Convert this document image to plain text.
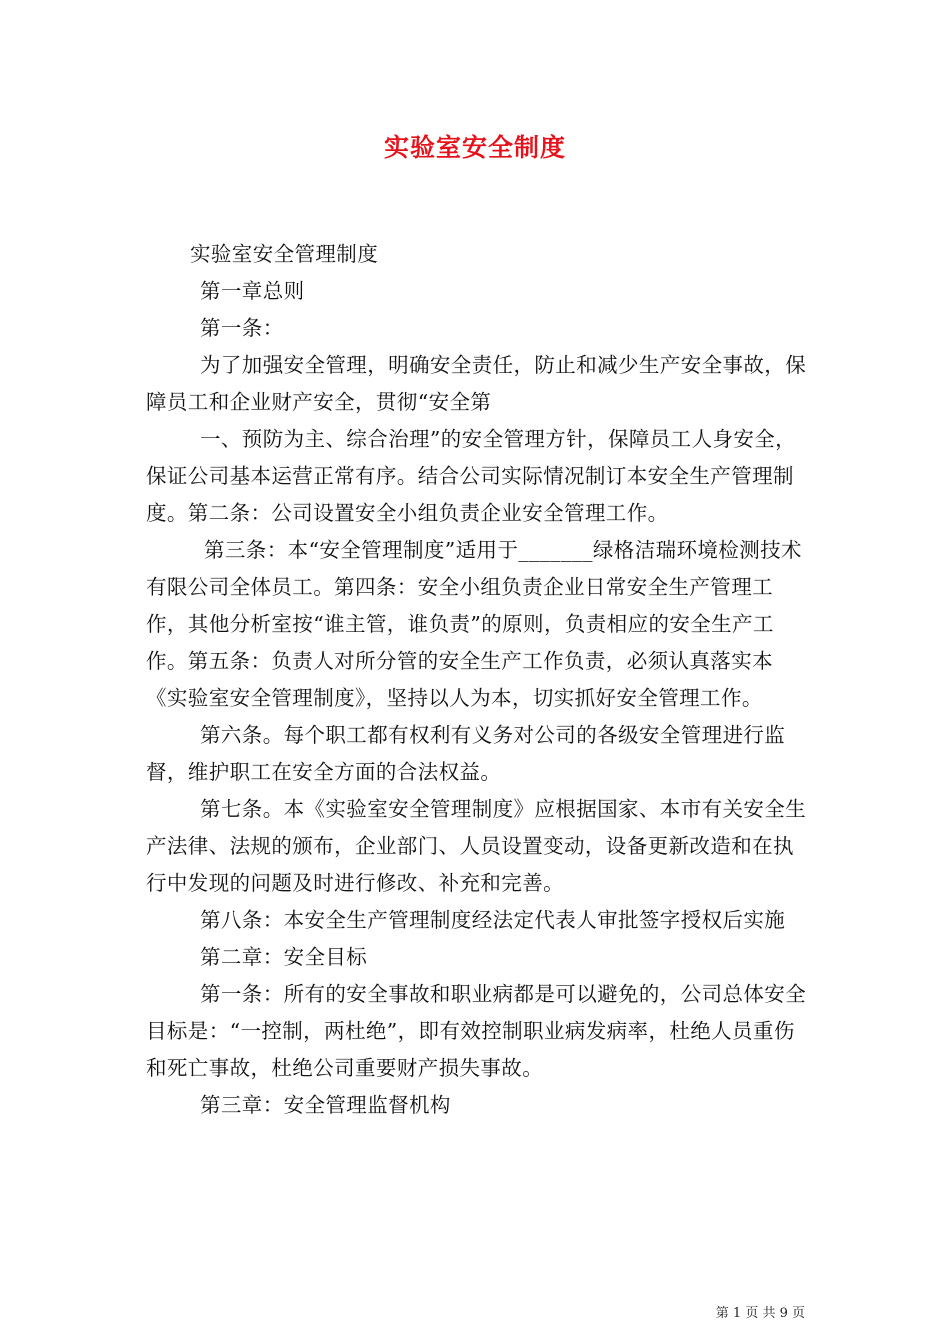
实验室安全制度

实验室安全管理制度

第一章总则

第一条：

为了加强安全管理，明确安全责任，防止和减少生产安全事故，保障员工和企业财产安全，贯彻“安全第

一、预防为主、综合治理”的安全管理方针，保障员工人身安全，保证公司基本运营正常有序。结合公司实际情况制订本安全生产管理制度。第二条：公司设置安全小组负责企业安全管理工作。

第三条：本“安全管理制度”适用于_______绿格洁瑞环境检测技术有限公司全体员工。第四条：安全小组负责企业日常安全生产管理工作，其他分析室按“谁主管，谁负责”的原则，负责相应的安全生产工作。第五条：负责人对所分管的安全生产工作负责，必须认真落实本《实验室安全管理制度》，坚持以人为本，切实抓好安全管理工作。

第六条。每个职工都有权利有义务对公司的各级安全管理进行监督，维护职工在安全方面的合法权益。

第七条。本《实验室安全管理制度》应根据国家、本市有关安全生产法律、法规的颁布，企业部门、人员设置变动，设备更新改造和在执行中发现的问题及时进行修改、补充和完善。

第八条：本安全生产管理制度经法定代表人审批签字授权后实施

第二章：安全目标

第一条：所有的安全事故和职业病都是可以避免的，公司总体安全目标是：“一控制，两杜绝”，即有效控制职业病发病率，杜绝人员重伤和死亡事故，杜绝公司重要财产损失事故。

第三章：安全管理监督机构

第 1 页 共 9 页
